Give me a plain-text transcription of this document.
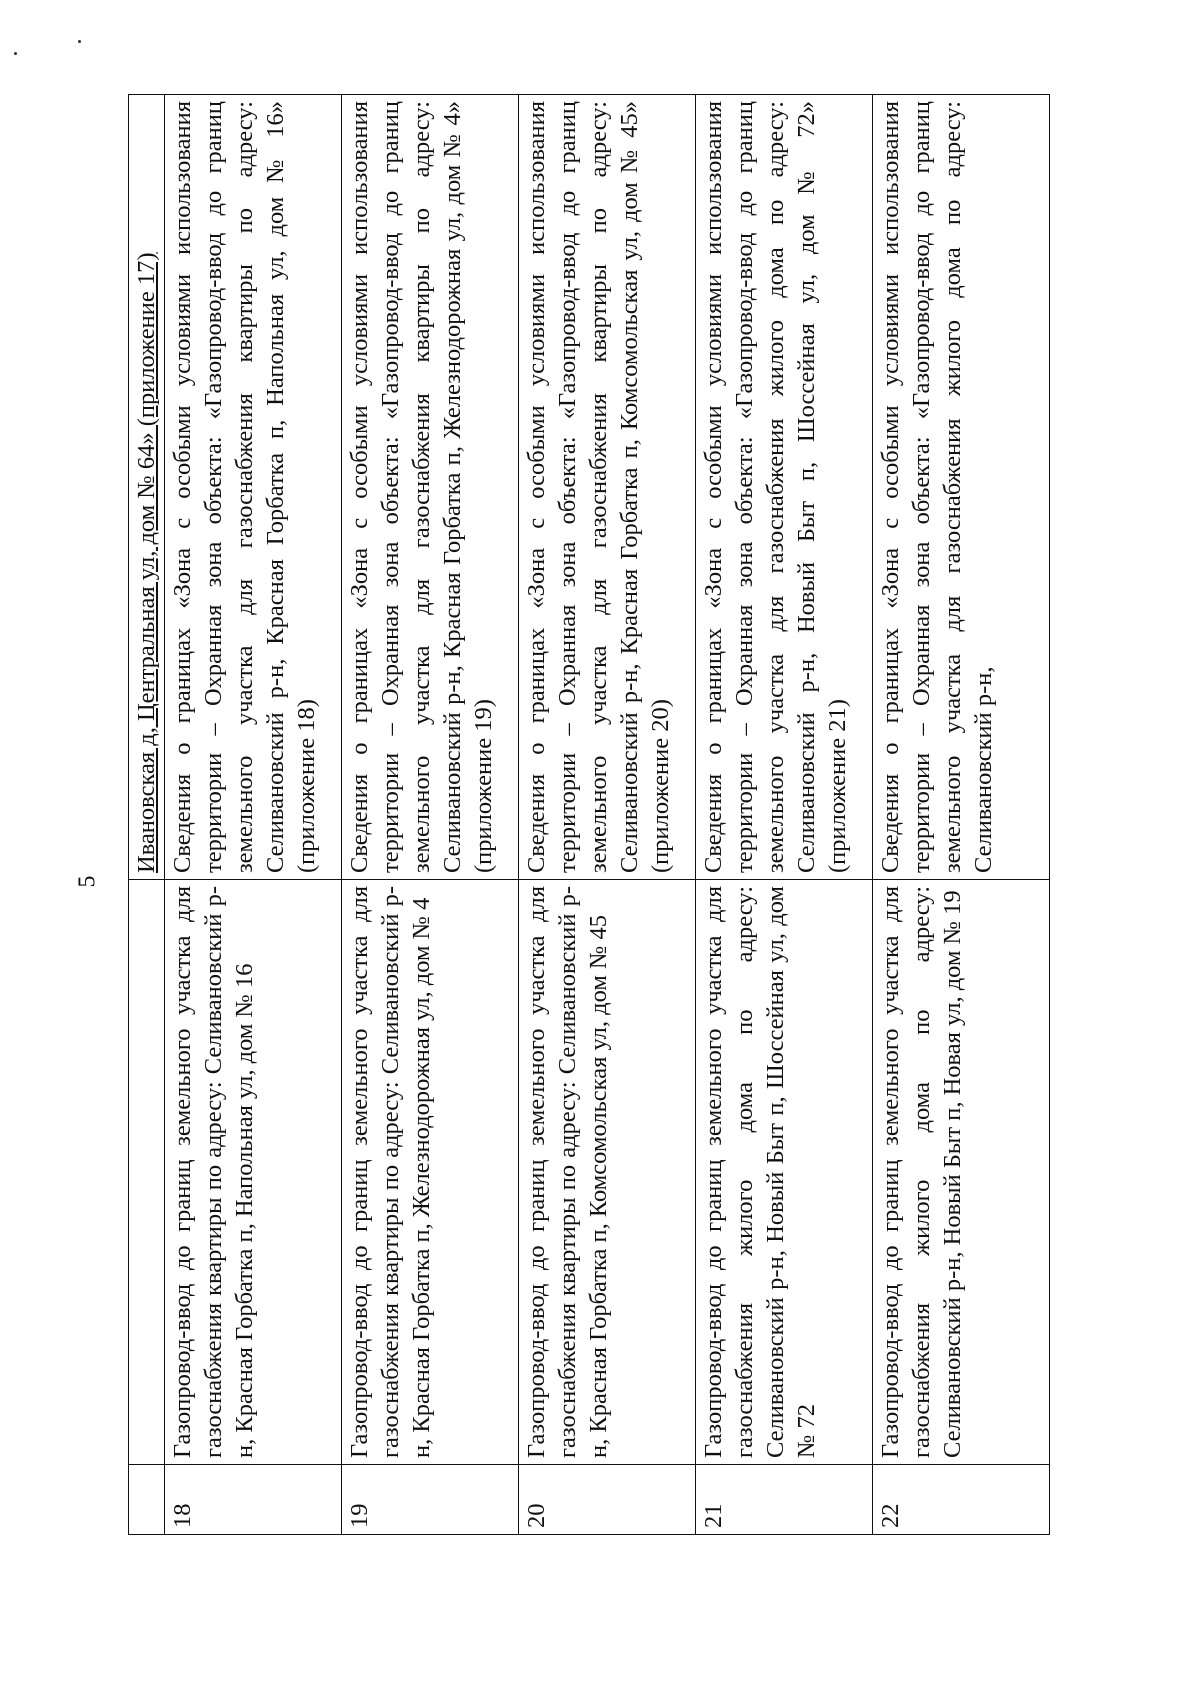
5
		Ивановская д, Центральная ул, дом № 64» (приложение 17)
18	Газопровод-ввод до границ земельного участка для газоснабжения квартиры по адресу: Селивановский р-н, Красная Горбатка п, Напольная ул, дом № 16	Сведения о границах «Зона с особыми условиями использования территории – Охранная зона объекта: «Газопровод-ввод до границ земельного участка для газоснабжения квартиры по адресу: Селивановский р-н, Красная Горбатка п, Напольная ул, дом № 16» (приложение 18)
19	Газопровод-ввод до границ земельного участка для газоснабжения квартиры по адресу: Селивановский р-н, Красная Горбатка п, Железнодорожная ул, дом № 4	Сведения о границах «Зона с особыми условиями использования территории – Охранная зона объекта: «Газопровод-ввод до границ земельного участка для газоснабжения квартиры по адресу: Селивановский р-н, Красная Горбатка п, Железнодорожная ул, дом № 4» (приложение 19)
20	Газопровод-ввод до границ земельного участка для газоснабжения квартиры по адресу: Селивановский р-н, Красная Горбатка п, Комсомольская ул, дом № 45	Сведения о границах «Зона с особыми условиями использования территории – Охранная зона объекта: «Газопровод-ввод до границ земельного участка для газоснабжения квартиры по адресу: Селивановский р-н, Красная Горбатка п, Комсомольская ул, дом № 45» (приложение 20)
21	Газопровод-ввод до границ земельного участка для газоснабжения жилого дома по адресу: Селивановский р-н, Новый Быт п, Шоссейная ул, дом № 72	Сведения о границах «Зона с особыми условиями использования территории – Охранная зона объекта: «Газопровод-ввод до границ земельного участка для газоснабжения жилого дома по адресу: Селивановский р-н, Новый Быт п, Шоссейная ул, дом № 72» (приложение 21)
22	Газопровод-ввод до границ земельного участка для газоснабжения жилого дома по адресу: Селивановский р-н, Новый Быт п, Новая ул, дом № 19	Сведения о границах «Зона с особыми условиями использования территории – Охранная зона объекта: «Газопровод-ввод до границ земельного участка для газоснабжения жилого дома по адресу: Селивановский р-н,
